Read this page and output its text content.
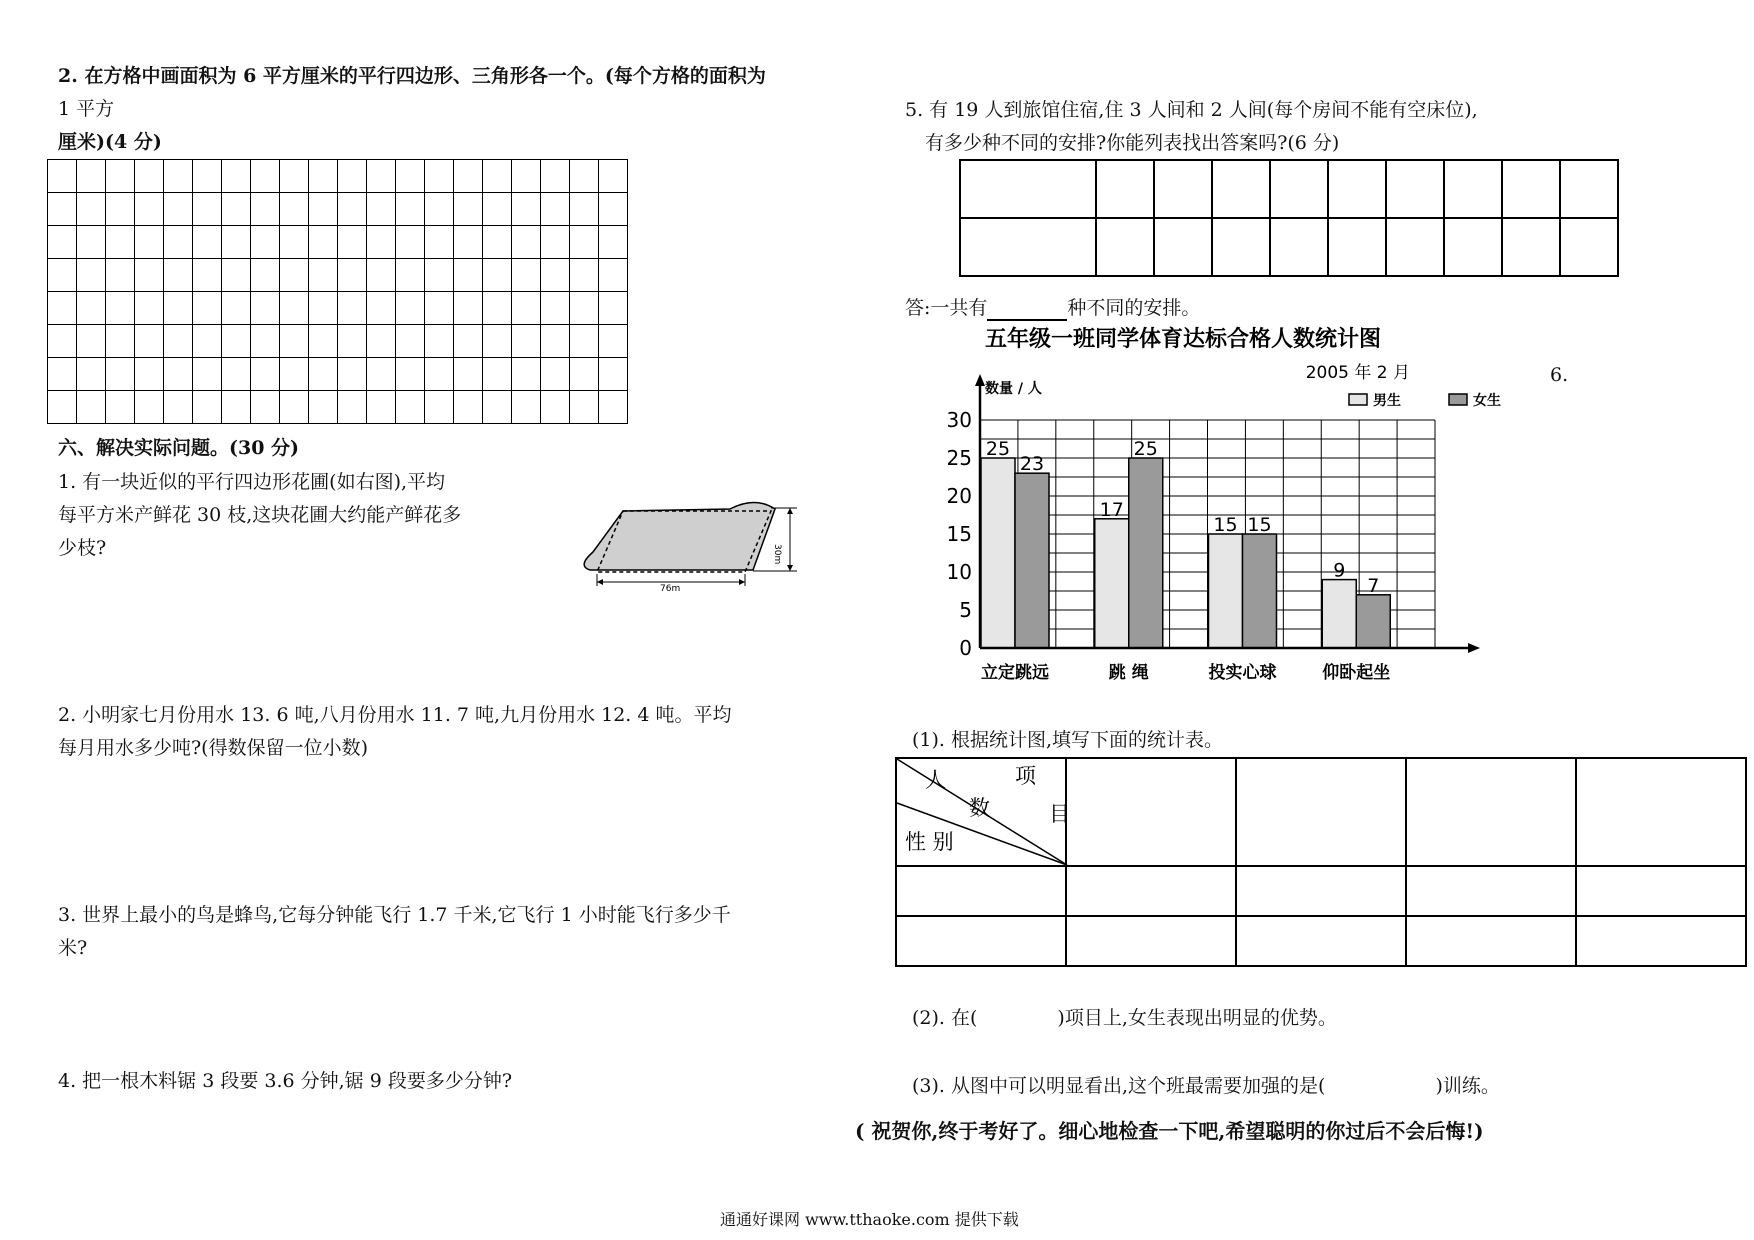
2. 在方格中画面积为 6 平方厘米的平行四边形、三角形各一个。(每个方格的面积为
1 平方
厘米)(4 分)

六、解决实际问题。(30 分)
1. 有一块近似的平行四边形花圃(如右图),平均
每平方米产鲜花 30 枝,这块花圃大约能产鲜花多
少枝?	30m
76m
2. 小明家七月份用水 13. 6 吨,八月份用水 11. 7 吨,九月份用水 12. 4 吨。平均
每月用水多少吨?(得数保留一位小数)
3. 世界上最小的鸟是蜂鸟,它每分钟能飞行 1.7 千米,它飞行 1 小时能飞行多少千
米?
4. 把一根木料锯 3 段要 3.6 分钟,锯 9 段要多少分钟?
5. 有 19 人到旅馆住宿,住 3 人间和 2 人间(每个房间不能有空床位),
有多少种不同的安排?你能列表找出答案吗?(6 分)

答:一共有	种不同的安排。
五年级一班同学体育达标合格人数统计图
2005 年 2 月
数量 / 人
男生	女生
25
23
17
25
15 15
9
7
0
5
10
15
20
25
30
立定跳远	跳 绳	投实心球	仰卧起坐
6.
(1). 根据统计图,填写下面的统计表。
人 项
数 目
性 别				

(2). 在(	)项目上,女生表现出明显的优势。
(3). 从图中可以明显看出,这个班最需要加强的是(	)训练。
( 祝贺你,终于考好了。细心地检查一下吧,希望聪明的你过后不会后悔!)
通通好课网 www.tthaoke.com 提供下载
